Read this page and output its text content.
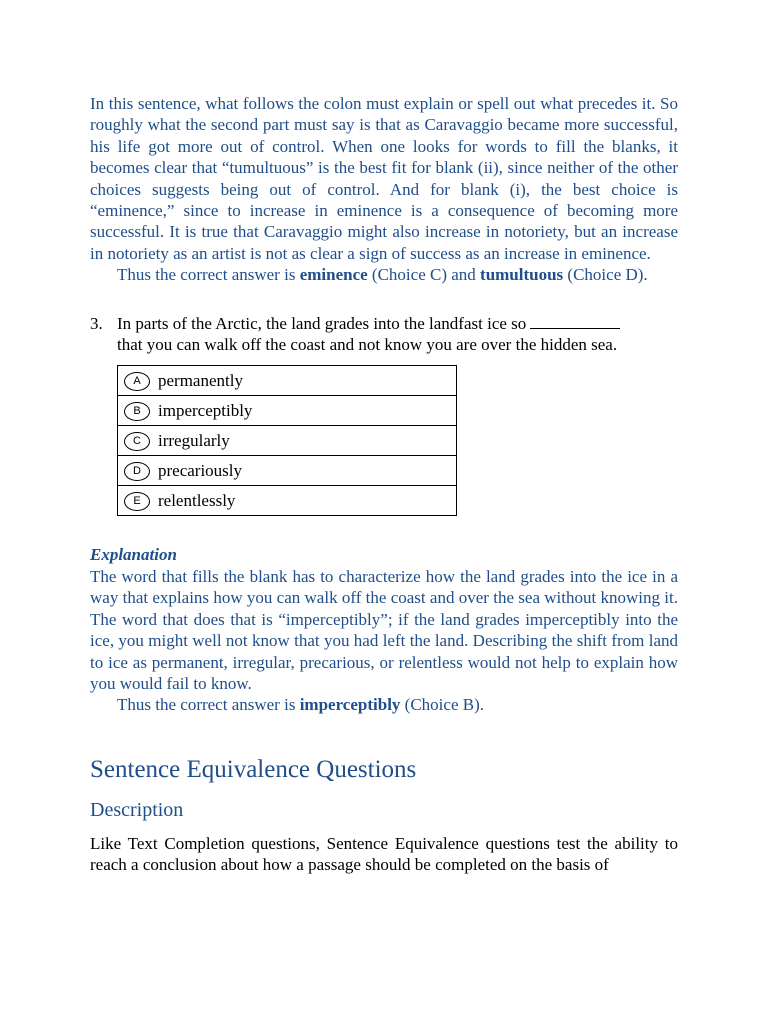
In this sentence, what follows the colon must explain or spell out what precedes it. So roughly what the second part must say is that as Caravaggio became more successful, his life got more out of control. When one looks for words to fill the blanks, it becomes clear that “tumultuous” is the best fit for blank (ii), since neither of the other choices suggests being out of control. And for blank (i), the best choice is “eminence,” since to increase in eminence is a consequence of becoming more successful. It is true that Caravaggio might also increase in notoriety, but an increase in notoriety as an artist is not as clear a sign of success as an increase in eminence.

Thus the correct answer is eminence (Choice C) and tumultuous (Choice D).

3. In parts of the Arctic, the land grades into the landfast ice so
that you can walk off the coast and not know you are over the hidden sea.
A permanently
B imperceptibly
C irregularly
D precariously
E relentlessly
Explanation

The word that fills the blank has to characterize how the land grades into the ice in a way that explains how you can walk off the coast and over the sea without knowing it. The word that does that is “imperceptibly”; if the land grades imperceptibly into the ice, you might well not know that you had left the land. Describing the shift from land to ice as permanent, irregular, precarious, or relentless would not help to explain how you would fail to know.

Thus the correct answer is imperceptibly (Choice B).

Sentence Equivalence Questions
Description

Like Text Completion questions, Sentence Equivalence questions test the ability to reach a conclusion about how a passage should be completed on the basis of
